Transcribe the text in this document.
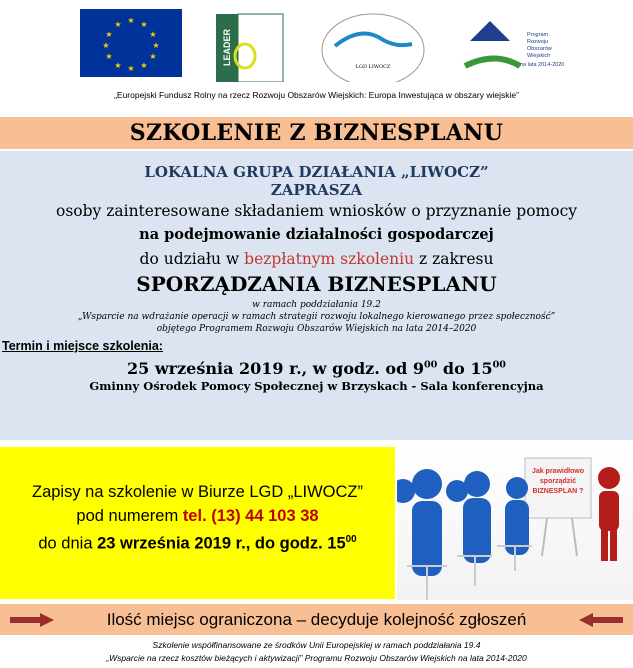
★ ★
★
★
★
★
★
★
★
★
★
★
LEADER
LGD LIWOCZ
Program
Rozwoju
Obszarów
Wiejskich
na lata 2014-2020
„Europejski Fundusz Rolny na rzecz Rozwoju Obszarów Wiejskich: Europa Inwestująca w obszary wiejskie”
SZKOLENIE Z BIZNESPLANU
LOKALNA GRUPA DZIAŁANIA „LIWOCZ”
ZAPRASZA
osoby zainteresowane składaniem wniosków o przyznanie pomocy
na podejmowanie działalności gospodarczej
do udziału w bezpłatnym szkoleniu z zakresu
SPORZĄDZANIA BIZNESPLANU
w ramach poddziałania 19.2
„Wsparcie na wdrażanie operacji w ramach strategii rozwoju lokalnego kierowanego przez społeczność”
objętego Programem Rozwoju Obszarów Wiejskich na lata 2014–2020
Termin i miejsce szkolenia:
25 września 2019 r., w godz. od $9^{00}$ do $15^{00}$
Gminny Ośrodek Pomocy Społecznej w Brzyskach - Sala konferencyjna
Zapisy na szkolenie w Biurze LGD „LIWOCZ”
pod numerem tel. (13) 44 103 38
do dnia 23 września 2019 r., do godz. $15^{00}$
Jak prawidłowo
sporządzić
BIZNESPLAN ?
Ilość miejsc ograniczona – decyduje kolejność zgłoszeń
Szkolenie współfinansowane ze środków Unii Europejskiej w ramach poddziałania 19.4
„Wsparcie na rzecz kosztów bieżących i aktywizacji” Programu Rozwoju Obszarów Wiejskich na lata 2014-2020
